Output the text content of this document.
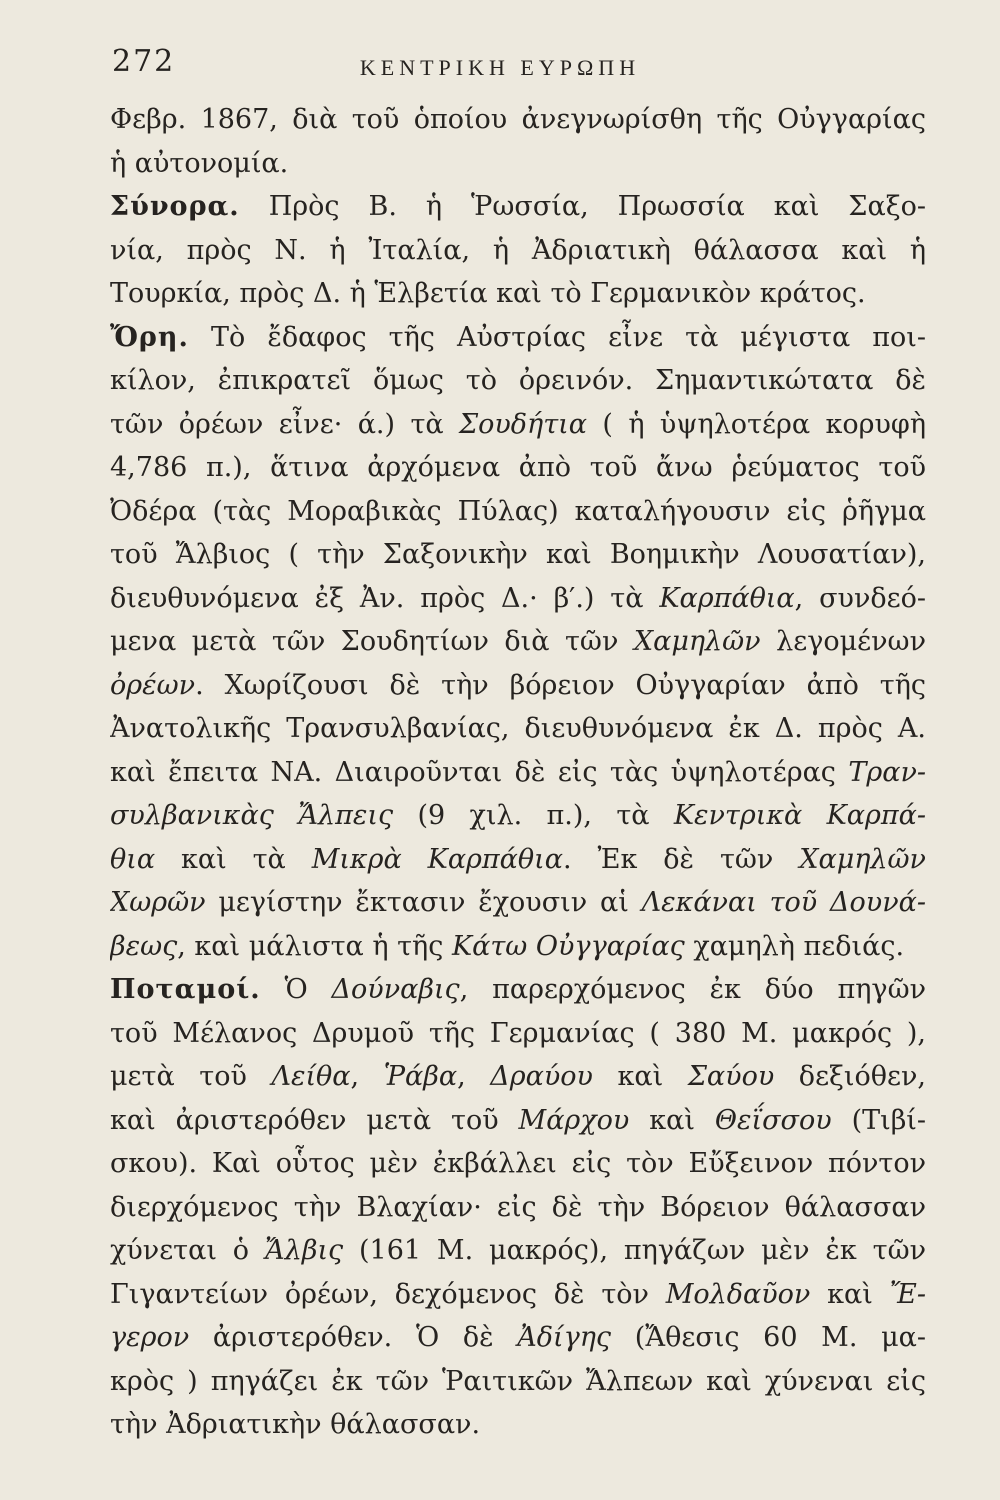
272	ΚΕΝΤΡΙΚΗ ΕΥΡΩΠΗ
Φεβρ. 1867, διὰ τοῦ ὁποίου ἀνεγνωρίσθη τῆς Οὐγγαρίας
ἡ αὐτονομία.
Σύνορα. Πρὸς Β. ἡ Ῥωσσία, Πρωσσία καὶ Σαξο-
νία, πρὸς Ν. ἡ Ἰταλία, ἡ Ἀδριατικὴ θάλασσα καὶ ἡ
Τουρκία, πρὸς Δ. ἡ Ἑλβετία καὶ τὸ Γερμανικὸν κράτος.
Ὄρη. Τὸ ἔδαφος τῆς Αὐστρίας εἶνε τὰ μέγιστα ποι-
κίλον, ἐπικρατεῖ ὅμως τὸ ὀρεινόν. Σημαντικώτατα δὲ
τῶν ὀρέων εἶνε· ά.) τὰ Σουδήτια ( ἡ ὑψηλοτέρα κορυφὴ
4,786 π.), ἅτινα ἀρχόμενα ἀπὸ τοῦ ἄνω ῥεύματος τοῦ
Ὀδέρα (τὰς Μοραβικὰς Πύλας) καταλήγουσιν εἰς ῥῆγμα
τοῦ Ἄλβιος ( τὴν Σαξονικὴν καὶ Βοημικὴν Λουσατίαν),
διευθυνόμενα ἐξ Ἀν. πρὸς Δ.· β′.) τὰ Καρπάθια, συνδεό-
μενα μετὰ τῶν Σουδητίων διὰ τῶν Χαμηλῶν λεγομένων
ὀρέων. Χωρίζουσι δὲ τὴν βόρειον Οὐγγαρίαν ἀπὸ τῆς
Ἀνατολικῆς Τρανσυλβανίας, διευθυνόμενα ἐκ Δ. πρὸς Α.
καὶ ἔπειτα ΝΑ. Διαιροῦνται δὲ εἰς τὰς ὑψηλοτέρας Τραν-
συλβανικὰς Ἄλπεις (9 χιλ. π.), τὰ Κεντρικὰ Καρπά-
θια καὶ τὰ Μικρὰ Καρπάθια. Ἐκ δὲ τῶν Χαμηλῶν
Χωρῶν μεγίστην ἔκτασιν ἔχουσιν αἱ Λεκάναι τοῦ Δουνά-
βεως, καὶ μάλιστα ἡ τῆς Κάτω Οὐγγαρίας χαμηλὴ πεδιάς.
Ποταμοί. Ὁ Δούναβις, παρερχόμενος ἐκ δύο πηγῶν
τοῦ Μέλανος Δρυμοῦ τῆς Γερμανίας ( 380 Μ. μακρός ),
μετὰ τοῦ Λείθα, Ῥάβα, Δραύου καὶ Σαύου δεξιόθεν,
καὶ ἀριστερόθεν μετὰ τοῦ Μάρχου καὶ Θεΐσσου (Τιβί-
σκου). Καὶ οὗτος μὲν ἐκβάλλει εἰς τὸν Εὔξεινον πόντον
διερχόμενος τὴν Βλαχίαν· εἰς δὲ τὴν Βόρειον θάλασσαν
χύνεται ὁ Ἄλβις (161 Μ. μακρός), πηγάζων μὲν ἐκ τῶν
Γιγαντείων ὀρέων, δεχόμενος δὲ τὸν Μολδαῦον καὶ Ἔ-
γερον ἀριστερόθεν. Ὁ δὲ Ἀδίγης (Ἄθεσις 60 Μ. μα-
κρὸς ) πηγάζει ἐκ τῶν Ῥαιτικῶν Ἄλπεων καὶ χύνεναι εἰς
τὴν Ἀδριατικὴν θάλασσαν.
